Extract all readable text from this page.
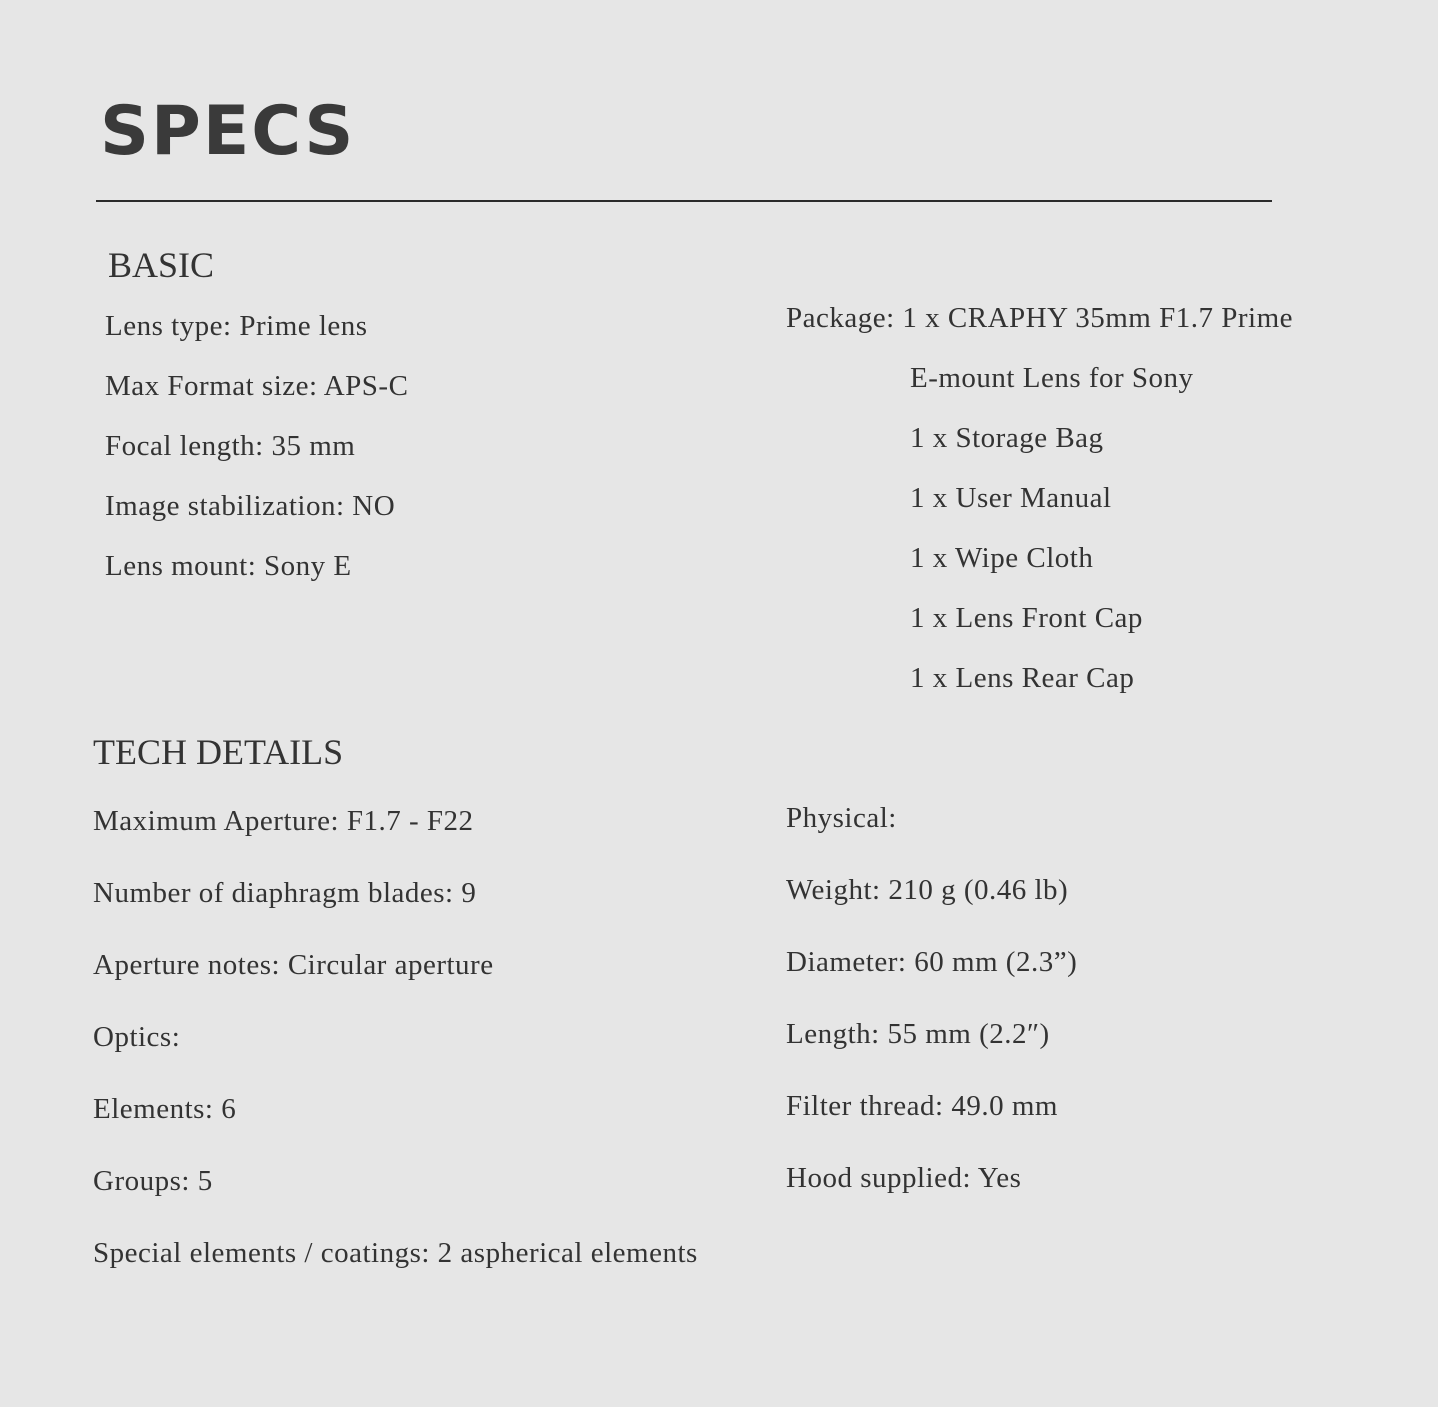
SPECS
BASIC

Lens type: Prime lens

Max Format size: APS-C

Focal length: 35 mm

Image stabilization: NO

Lens mount: Sony E

Package: 1 x CRAPHY 35mm F1.7 Prime

E-mount Lens for Sony

1 x Storage Bag

1 x User Manual

1 x Wipe Cloth

1 x Lens Front Cap

1 x Lens Rear Cap

TECH DETAILS

Maximum Aperture: F1.7 - F22

Number of diaphragm blades: 9

Aperture notes: Circular aperture

Optics:

Elements: 6

Groups: 5

Special elements / coatings: 2 aspherical elements

Physical:

Weight: 210 g (0.46 lb)

Diameter: 60 mm (2.3”)

Length: 55 mm (2.2″)

Filter thread: 49.0 mm

Hood supplied: Yes
